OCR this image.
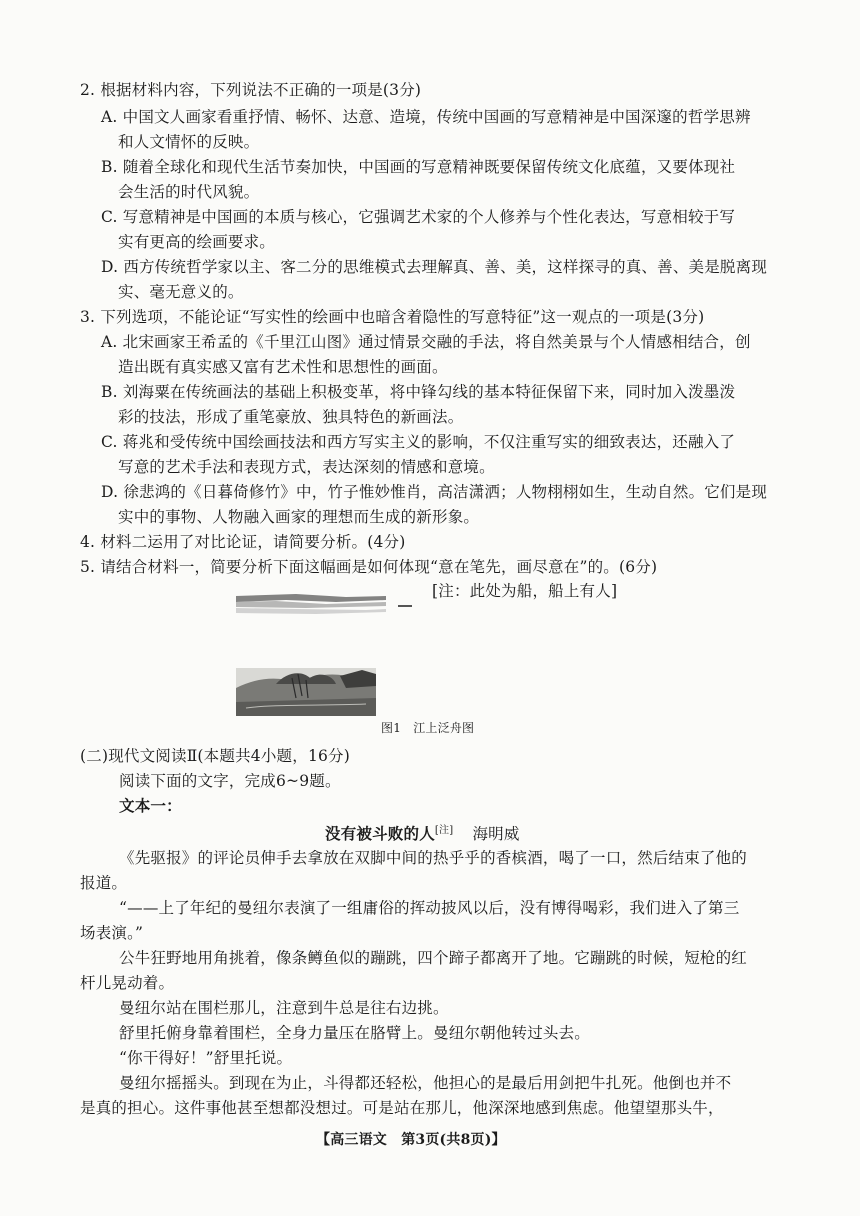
2. 根据材料内容，下列说法不正确的一项是(3分)
A. 中国文人画家看重抒情、畅怀、达意、造境，传统中国画的写意精神是中国深邃的哲学思辨
和人文情怀的反映。
B. 随着全球化和现代生活节奏加快，中国画的写意精神既要保留传统文化底蕴，又要体现社
会生活的时代风貌。
C. 写意精神是中国画的本质与核心，它强调艺术家的个人修养与个性化表达，写意相较于写
实有更高的绘画要求。
D. 西方传统哲学家以主、客二分的思维模式去理解真、善、美，这样探寻的真、善、美是脱离现
实、毫无意义的。
3. 下列选项，不能论证“写实性的绘画中也暗含着隐性的写意特征”这一观点的一项是(3分)
A. 北宋画家王希孟的《千里江山图》通过情景交融的手法，将自然美景与个人情感相结合，创
造出既有真实感又富有艺术性和思想性的画面。
B. 刘海粟在传统画法的基础上积极变革，将中锋勾线的基本特征保留下来，同时加入泼墨泼
彩的技法，形成了重笔豪放、独具特色的新画法。
C. 蒋兆和受传统中国绘画技法和西方写实主义的影响，不仅注重写实的细致表达，还融入了
写意的艺术手法和表现方式，表达深刻的情感和意境。
D. 徐悲鸿的《日暮倚修竹》中，竹子惟妙惟肖，高洁潇洒；人物栩栩如生，生动自然。它们是现
实中的事物、人物融入画家的理想而生成的新形象。
4. 材料二运用了对比论证，请简要分析。(4分)
5. 请结合材料一，简要分析下面这幅画是如何体现“意在笔先，画尽意在”的。(6分)
[注：此处为船，船上有人]
图1　江上泛舟图
(二)现代文阅读Ⅱ(本题共4小题，16分)
阅读下面的文字，完成6~9题。
文本一：
没有被斗败的人[注] 海明威
《先驱报》的评论员伸手去拿放在双脚中间的热乎乎的香槟酒，喝了一口，然后结束了他的
报道。
“——上了年纪的曼纽尔表演了一组庸俗的挥动披风以后，没有博得喝彩，我们进入了第三
场表演。”
公牛狂野地用角挑着，像条鳟鱼似的蹦跳，四个蹄子都离开了地。它蹦跳的时候，短枪的红
杆儿晃动着。
曼纽尔站在围栏那儿，注意到牛总是往右边挑。
舒里托俯身靠着围栏，全身力量压在胳臂上。曼纽尔朝他转过头去。
“你干得好！”舒里托说。
曼纽尔摇摇头。到现在为止，斗得都还轻松，他担心的是最后用剑把牛扎死。他倒也并不
是真的担心。这件事他甚至想都没想过。可是站在那儿，他深深地感到焦虑。他望望那头牛，
【高三语文　第3页(共8页)】
